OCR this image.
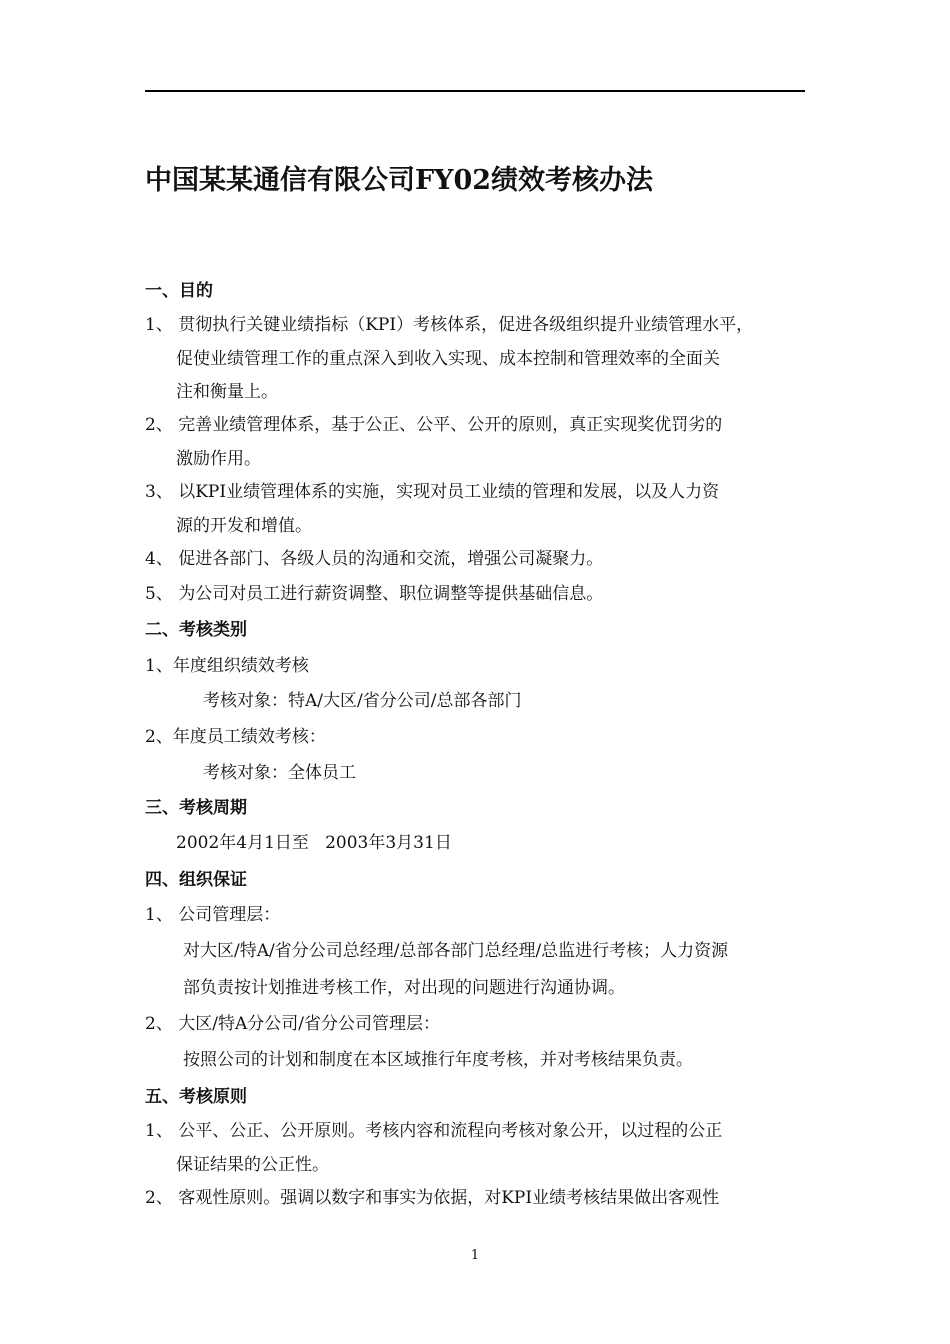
中国某某通信有限公司FY02绩效考核办法
一、目的
1、 贯彻执行关键业绩指标（KPI）考核体系，促进各级组织提升业绩管理水平，
促使业绩管理工作的重点深入到收入实现、成本控制和管理效率的全面关
注和衡量上。
2、 完善业绩管理体系，基于公正、公平、公开的原则，真正实现奖优罚劣的
激励作用。
3、 以KPI业绩管理体系的实施，实现对员工业绩的管理和发展，以及人力资
源的开发和增值。
4、 促进各部门、各级人员的沟通和交流，增强公司凝聚力。
5、 为公司对员工进行薪资调整、职位调整等提供基础信息。
二、考核类别
1、年度组织绩效考核
考核对象：特A/大区/省分公司/总部各部门
2、年度员工绩效考核：
考核对象：全体员工
三、考核周期
2002年4月1日至   2003年3月31日
四、组织保证
1、 公司管理层：
对大区/特A/省分公司总经理/总部各部门总经理/总监进行考核；人力资源
部负责按计划推进考核工作，对出现的问题进行沟通协调。
2、 大区/特A分公司/省分公司管理层：
按照公司的计划和制度在本区域推行年度考核，并对考核结果负责。
五、考核原则
1、 公平、公正、公开原则。考核内容和流程向考核对象公开，以过程的公正
保证结果的公正性。
2、 客观性原则。强调以数字和事实为依据，对KPI业绩考核结果做出客观性
1
